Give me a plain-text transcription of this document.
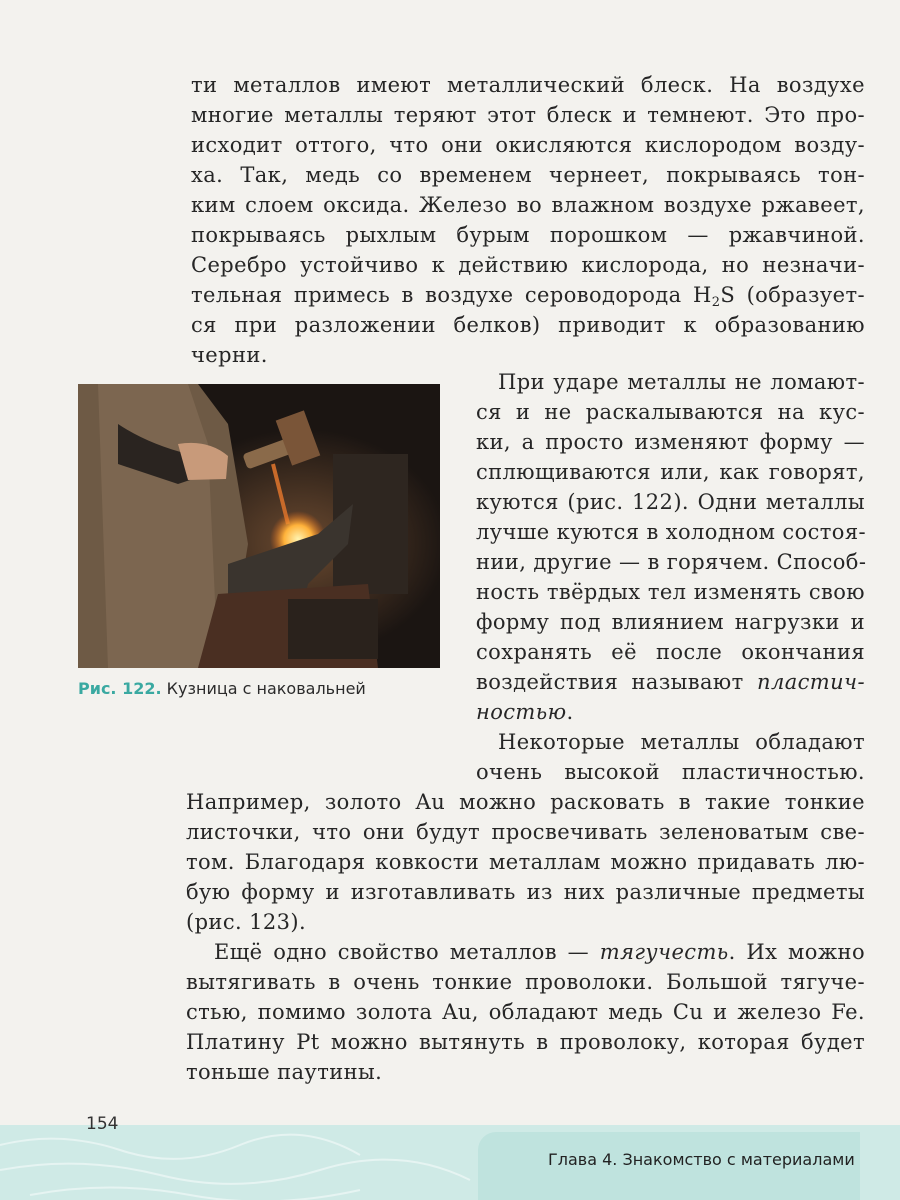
ти металлов имеют металлический блеск. На воздухе
многие металлы теряют этот блеск и темнеют. Это про-
исходит оттого, что они окисляются кислородом возду-
ха. Так, медь со временем чернеет, покрываясь тон-
ким слоем оксида. Железо во влажном воздухе ржавеет,
покрываясь рыхлым бурым порошком — ржавчиной.
Серебро устойчиво к действию кислорода, но незначи-
тельная примесь в воздухе сероводорода $H_2S$ (образует-
ся при разложении белков) приводит к образованию
черни.
При ударе металлы не ломают-
ся и не раскалываются на кус-
ки, а просто изменяют форму —
сплющиваются или, как говорят,
куются (рис. 122). Одни металлы
лучше куются в холодном состоя-
нии, другие — в горячем. Способ-
ность твёрдых тел изменять свою
форму под влиянием нагрузки и
сохранять её после окончания
воздействия называют пластич-
ностью.
Некоторые металлы обладают
очень высокой пластичностью.
Например, золото Au можно расковать в такие тонкие
листочки, что они будут просвечивать зеленоватым све-
том. Благодаря ковкости металлам можно придавать лю-
бую форму и изготавливать из них различные предметы
(рис. 123).
Ещё одно свойство металлов — тягучесть. Их можно
вытягивать в очень тонкие проволоки. Большой тягуче-
стью, помимо золота Au, обладают медь Cu и железо Fe.
Платину Pt можно вытянуть в проволоку, которая будет
тоньше паутины.
Рис. 122. Кузница с наковальней
154
Глава 4. Знакомство с материалами
